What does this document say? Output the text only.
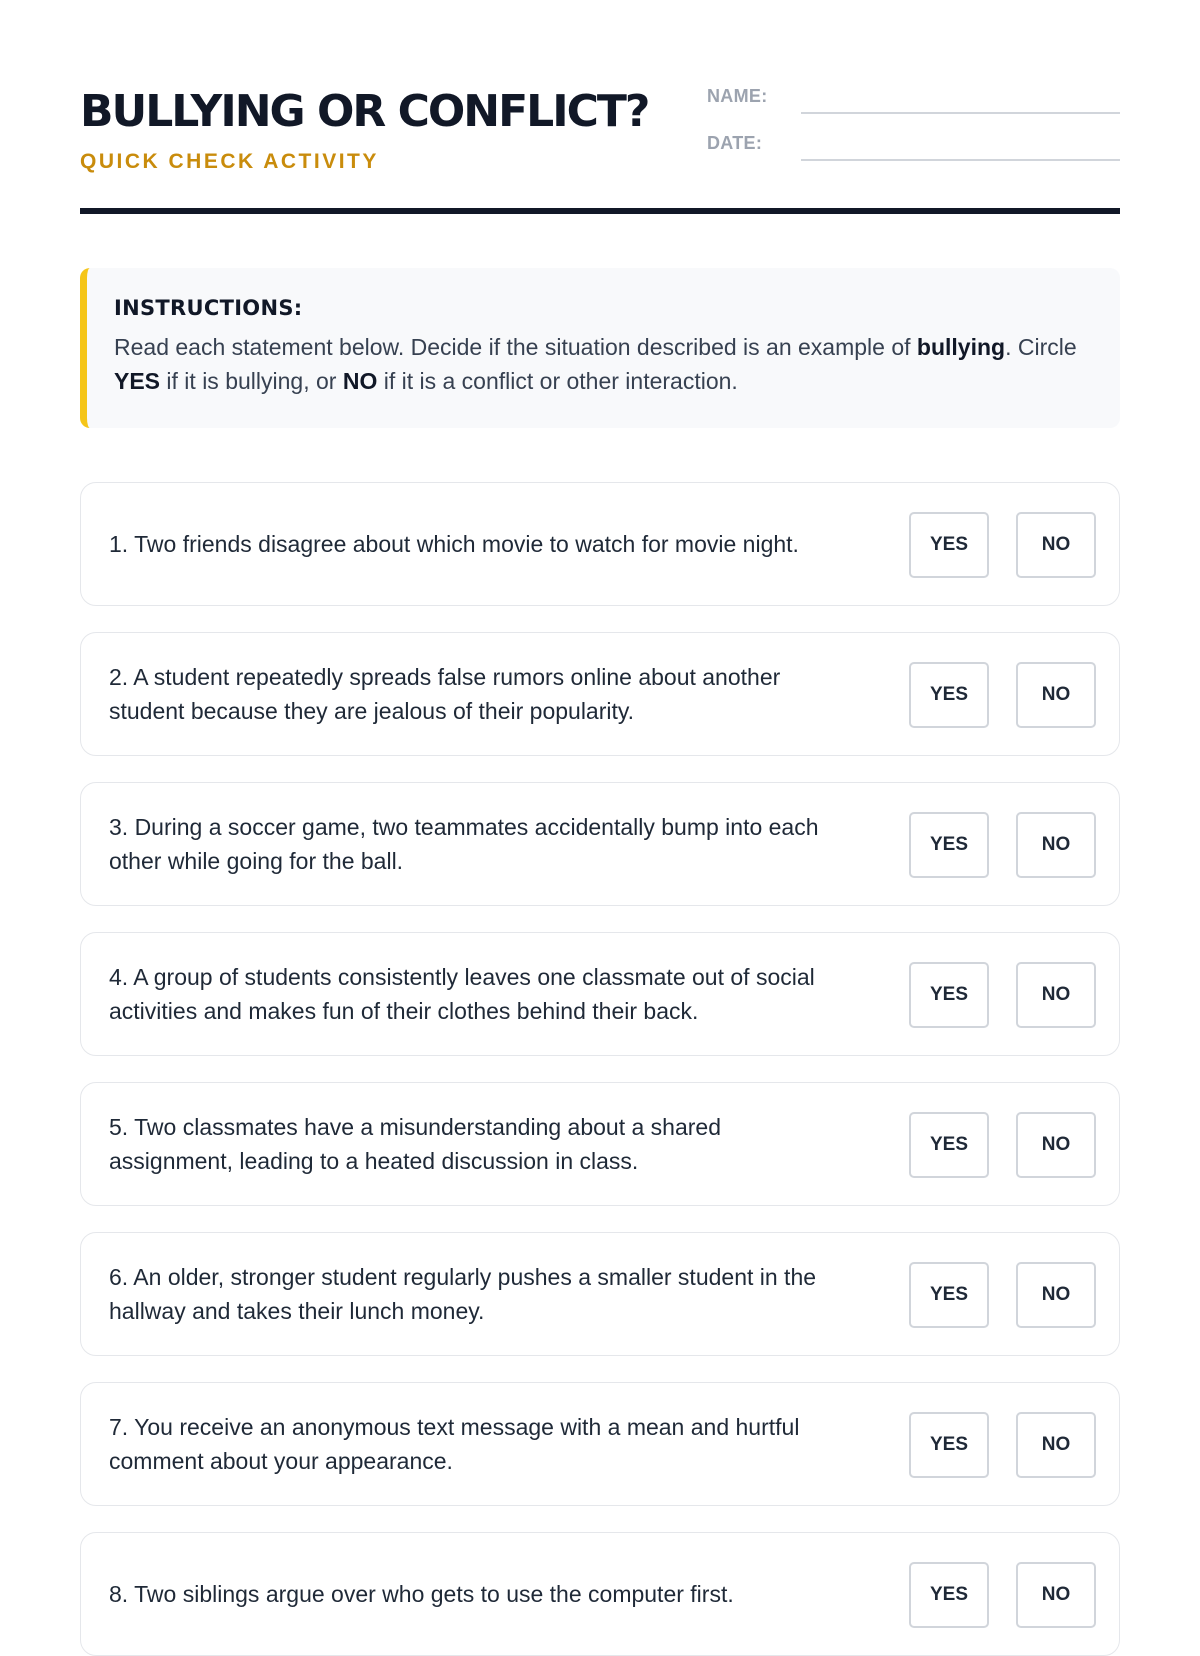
BULLYING OR CONFLICT?
QUICK CHECK ACTIVITY
NAME:
DATE:
INSTRUCTIONS:
Read each statement below. Decide if the situation described is an example of bullying. Circle
YES if it is bullying, or NO if it is a conflict or other interaction.
1. Two friends disagree about which movie to watch for movie night.	YES	NO
2. A student repeatedly spreads false rumors online about another student because they are jealous of their popularity.
YES	NO
3. During a soccer game, two teammates accidentally bump into each other while going for the ball.
YES	NO
4. A group of students consistently leaves one classmate out of social activities and makes fun of their clothes behind their back.
YES	NO
5. Two classmates have a misunderstanding about a shared assignment, leading to a heated discussion in class.
YES	NO
6. An older, stronger student regularly pushes a smaller student in the hallway and takes their lunch money.
YES	NO
7. You receive an anonymous text message with a mean and hurtful comment about your appearance.
YES	NO
8. Two siblings argue over who gets to use the computer first.	YES	NO
